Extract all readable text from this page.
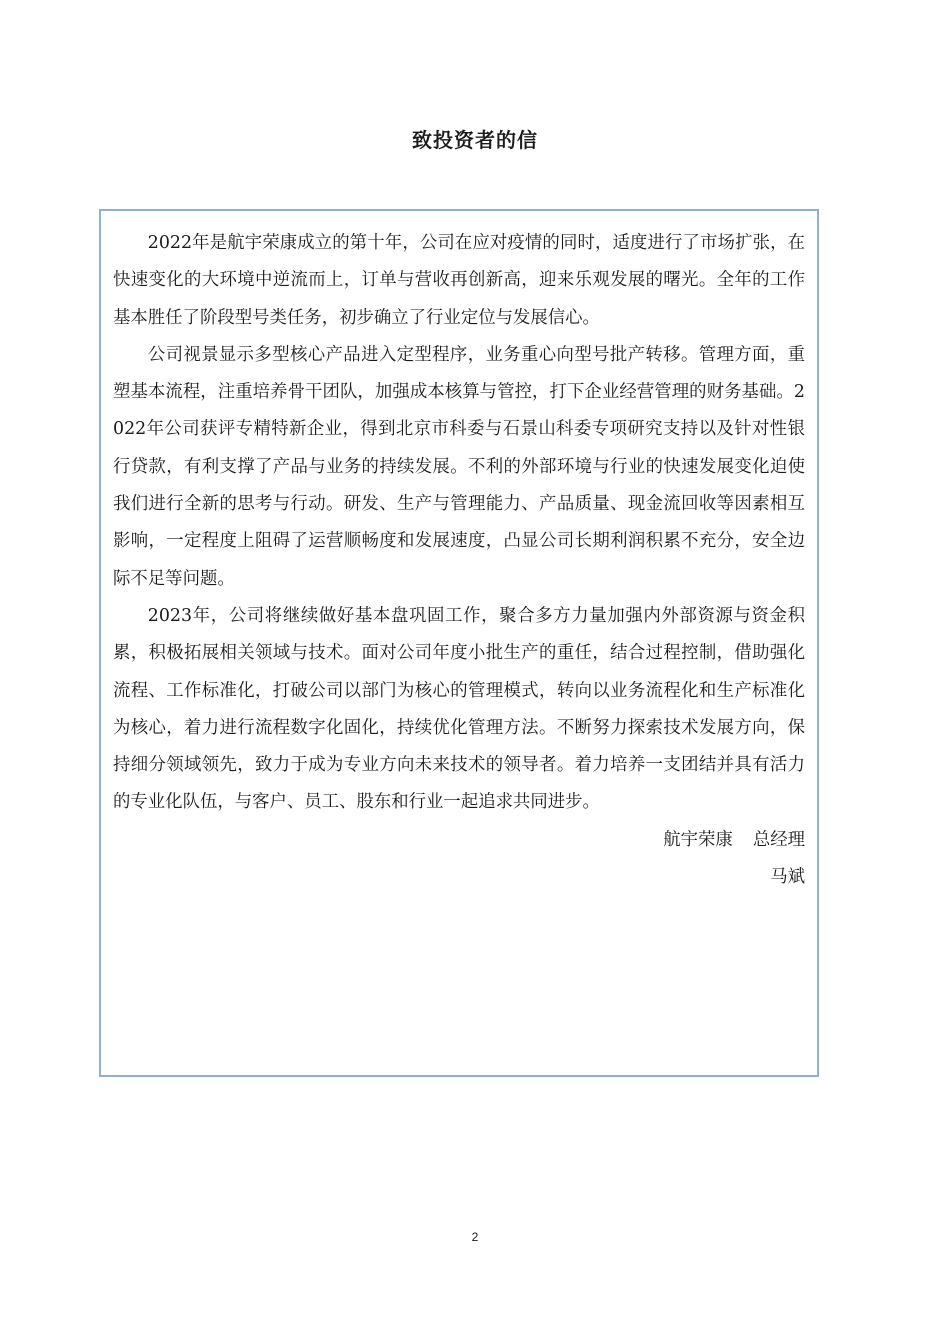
致投资者的信

2022年是航宇荣康成立的第十年，公司在应对疫情的同时，适度进行了市场扩张，在快速变化的大环境中逆流而上，订单与营收再创新高，迎来乐观发展的曙光。全年的工作基本胜任了阶段型号类任务，初步确立了行业定位与发展信心。

公司视景显示多型核心产品进入定型程序，业务重心向型号批产转移。管理方面，重塑基本流程，注重培养骨干团队，加强成本核算与管控，打下企业经营管理的财务基础。2022年公司获评专精特新企业，得到北京市科委与石景山科委专项研究支持以及针对性银行贷款，有利支撑了产品与业务的持续发展。不利的外部环境与行业的快速发展变化迫使我们进行全新的思考与行动。研发、生产与管理能力、产品质量、现金流回收等因素相互影响，一定程度上阻碍了运营顺畅度和发展速度，凸显公司长期利润积累不充分，安全边际不足等问题。

2023年，公司将继续做好基本盘巩固工作，聚合多方力量加强内外部资源与资金积累，积极拓展相关领域与技术。面对公司年度小批生产的重任，结合过程控制，借助强化流程、工作标准化，打破公司以部门为核心的管理模式，转向以业务流程化和生产标准化为核心，着力进行流程数字化固化，持续优化管理方法。不断努力探索技术发展方向，保持细分领域领先，致力于成为专业方向未来技术的领导者。着力培养一支团结并具有活力的专业化队伍，与客户、员工、股东和行业一起追求共同进步。

航宇荣康 总经理

马斌

2
